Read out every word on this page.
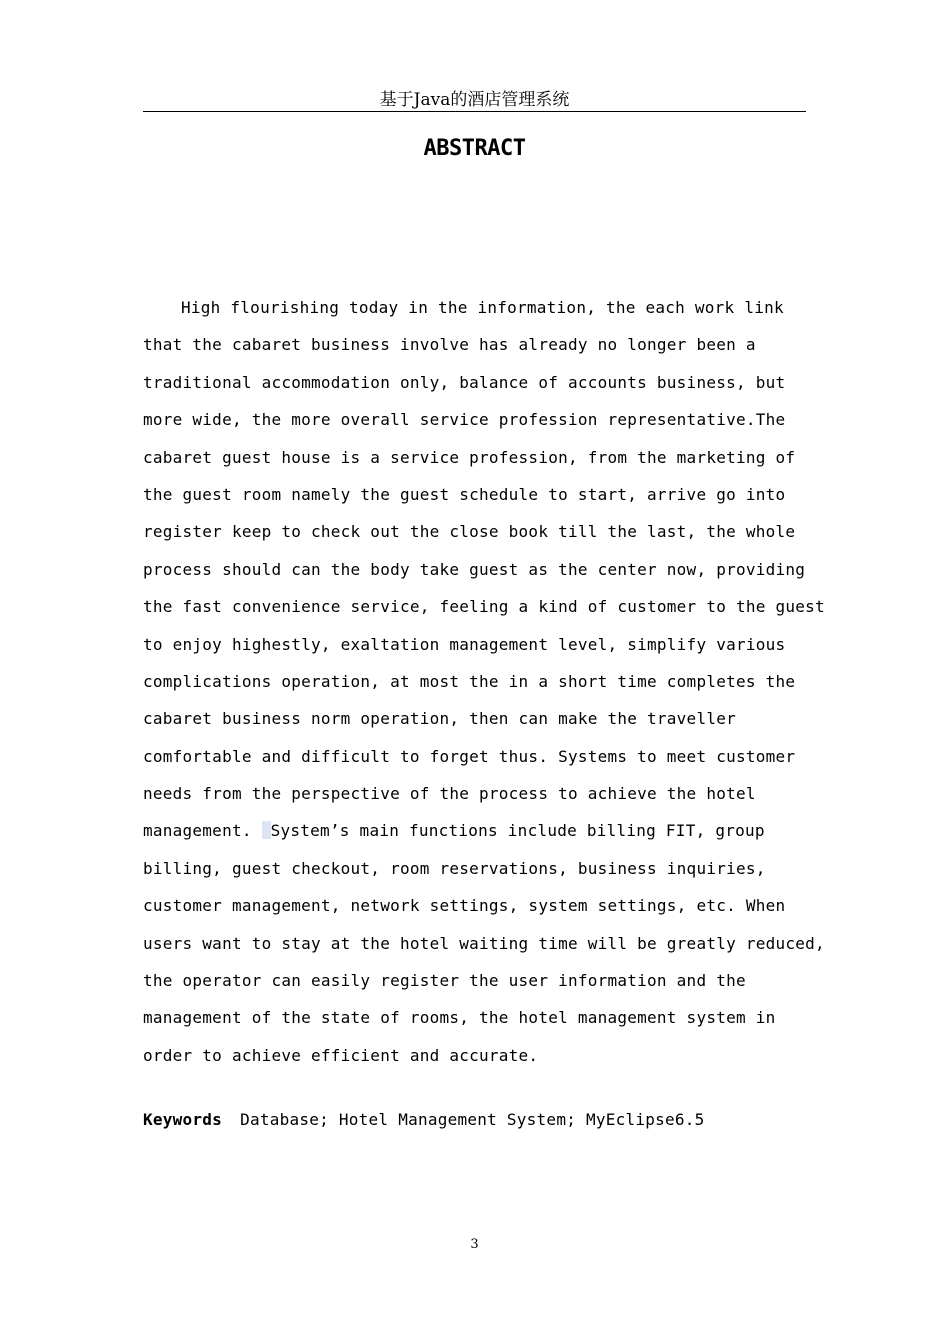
基于Java的酒店管理系统
ABSTRACT
High flourishing today in the information, the each work link
that the cabaret business involve has already no longer been a
traditional accommodation only, balance of accounts business, but
more wide, the more overall service profession representative.The
cabaret guest house is a service profession, from the marketing of
the guest room namely the guest schedule to start, arrive go into
register keep to check out the close book till the last, the whole
process should can the body take guest as the center now, providing
the fast convenience service, feeling a kind of customer to the guest
to enjoy highestly, exaltation management level, simplify various
complications operation, at most the in a short time completes the
cabaret business norm operation, then can make the traveller
comfortable and difficult to forget thus. Systems to meet customer
needs from the perspective of the process to achieve the hotel
management. System’s main functions include billing FIT, group
billing, guest checkout, room reservations, business inquiries,
customer management, network settings, system settings, etc. When
users want to stay at the hotel waiting time will be greatly reduced,
the operator can easily register the user information and the
management of the state of rooms, the hotel management system in
order to achieve efficient and accurate.
Keywords Database; Hotel Management System; MyEclipse6.5
3
